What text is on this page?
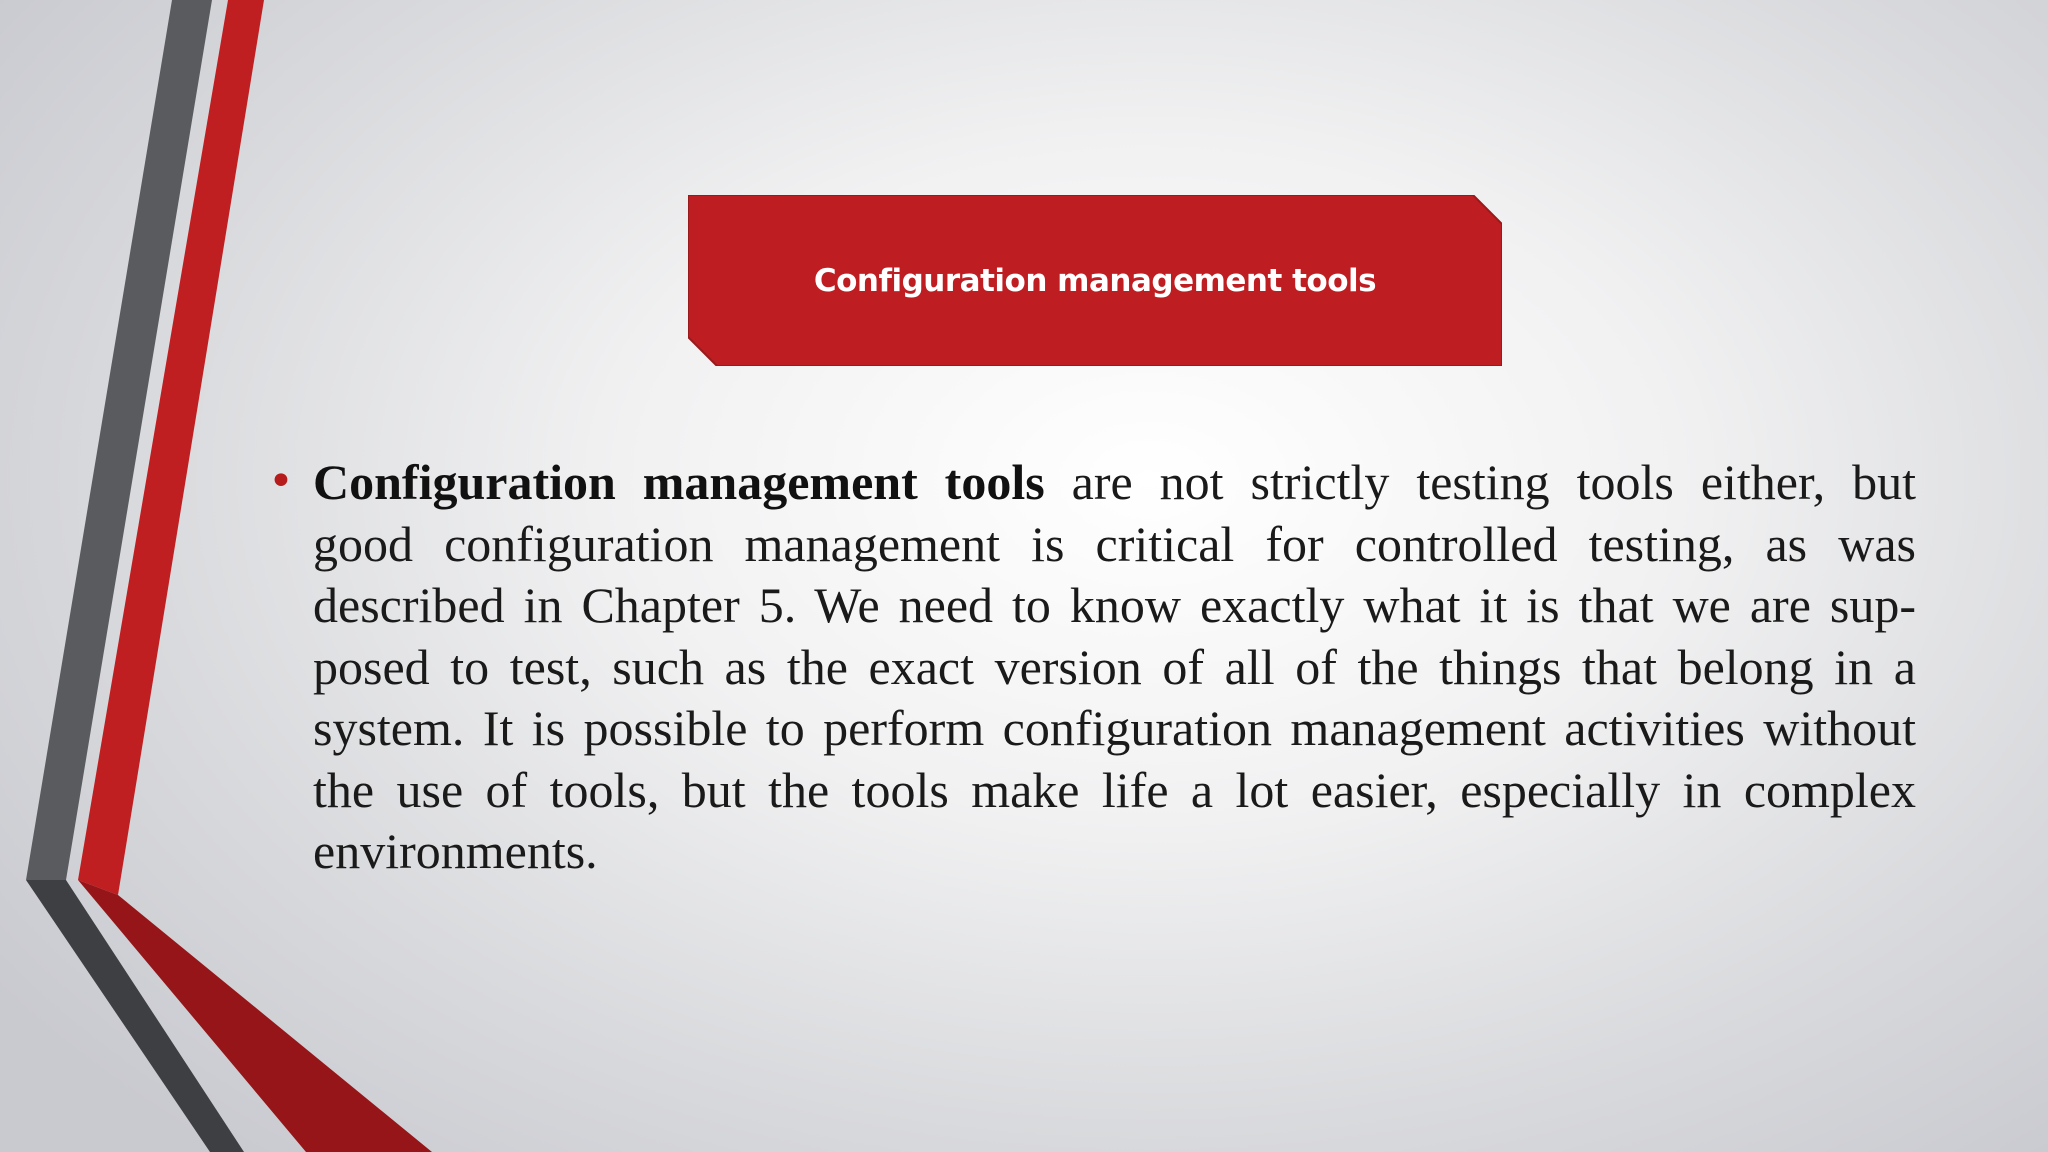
Configuration management tools
• Configuration management tools are not strictly testing tools either, but good configuration management is critical for controlled testing, as was described in Chapter 5. We need to know exactly what it is that we are sup-posed to test, such as the exact version of all of the things that belong in a system. It is possible to perform configuration management activities without the use of tools, but the tools make life a lot easier, especially in complex environments.
